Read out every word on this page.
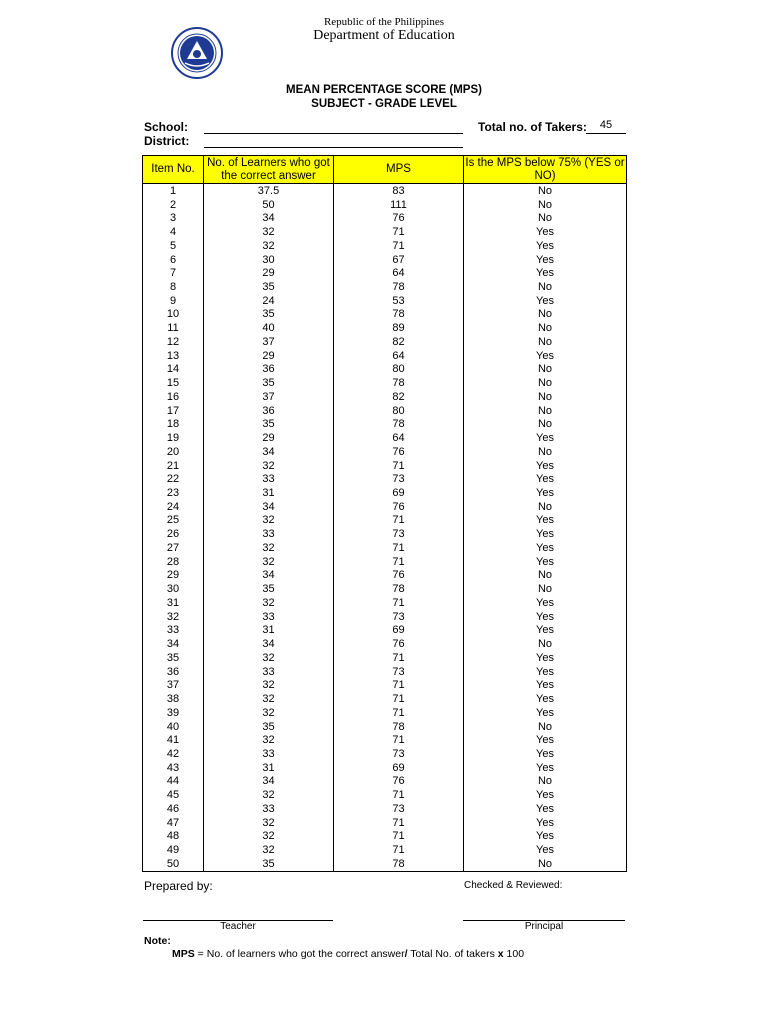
Republic of the Philippines
Department of Education
MEAN PERCENTAGE SCORE (MPS)
SUBJECT - GRADE LEVEL
School:
District:
Total no. of Takers:	45
Item No.	No. of Learners who got the correct answer	MPS	Is the MPS below 75% (YES or NO)
1	37.5	83	No
2	50	111	No
3	34	76	No
4	32	71	Yes
5	32	71	Yes
6	30	67	Yes
7	29	64	Yes
8	35	78	No
9	24	53	Yes
10	35	78	No
11	40	89	No
12	37	82	No
13	29	64	Yes
14	36	80	No
15	35	78	No
16	37	82	No
17	36	80	No
18	35	78	No
19	29	64	Yes
20	34	76	No
21	32	71	Yes
22	33	73	Yes
23	31	69	Yes
24	34	76	No
25	32	71	Yes
26	33	73	Yes
27	32	71	Yes
28	32	71	Yes
29	34	76	No
30	35	78	No
31	32	71	Yes
32	33	73	Yes
33	31	69	Yes
34	34	76	No
35	32	71	Yes
36	33	73	Yes
37	32	71	Yes
38	32	71	Yes
39	32	71	Yes
40	35	78	No
41	32	71	Yes
42	33	73	Yes
43	31	69	Yes
44	34	76	No
45	32	71	Yes
46	33	73	Yes
47	32	71	Yes
48	32	71	Yes
49	32	71	Yes
50	35	78	No
Prepared by:	Checked & Reviewed:
Teacher	Principal
Note:
MPS = No. of learners who got the correct answer/ Total No. of takers x 100
